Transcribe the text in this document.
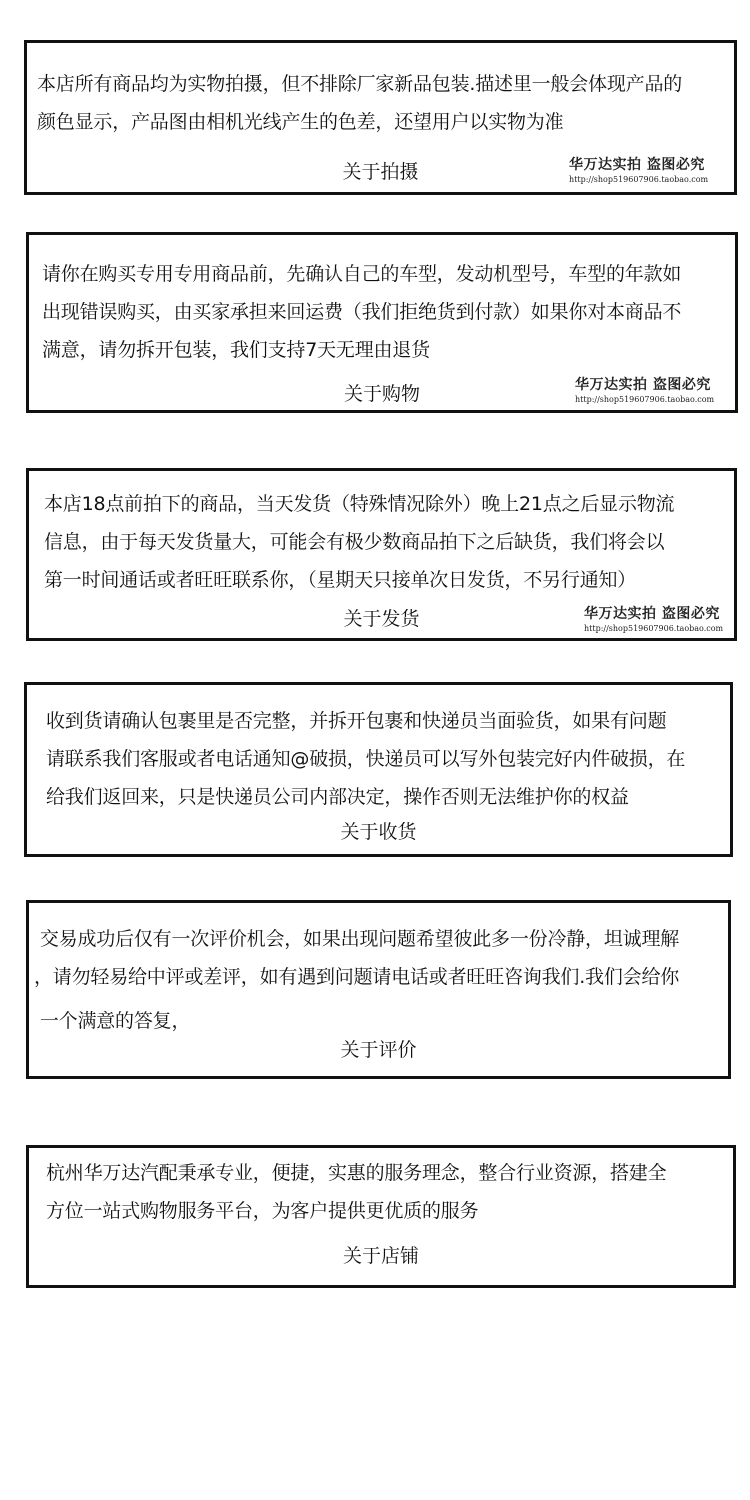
本店所有商品均为实物拍摄，但不排除厂家新品包装.描述里一般会体现产品的
颜色显示，产品图由相机光线产生的色差，还望用户以实物为准
关于拍摄	华万达实拍 盗图必究
http://shop519607906.taobao.com
请你在购买专用专用商品前，先确认自己的车型，发动机型号，车型的年款如
出现错误购买，由买家承担来回运费（我们拒绝货到付款）如果你对本商品不
满意，请勿拆开包装，我们支持7天无理由退货
关于购物	华万达实拍 盗图必究
http://shop519607906.taobao.com
本店18点前拍下的商品，当天发货（特殊情况除外）晚上21点之后显示物流
信息，由于每天发货量大，可能会有极少数商品拍下之后缺货，我们将会以
第一时间通话或者旺旺联系你，（星期天只接单次日发货，不另行通知）
关于发货	华万达实拍 盗图必究
http://shop519607906.taobao.com
收到货请确认包裹里是否完整，并拆开包裹和快递员当面验货，如果有问题
请联系我们客服或者电话通知@破损，快递员可以写外包装完好内件破损，在
给我们返回来，只是快递员公司内部决定，操作否则无法维护你的权益
关于收货
交易成功后仅有一次评价机会，如果出现问题希望彼此多一份冷静，坦诚理解
，请勿轻易给中评或差评，如有遇到问题请电话或者旺旺咨询我们.我们会给你
一个满意的答复，
关于评价
杭州华万达汽配秉承专业，便捷，实惠的服务理念，整合行业资源，搭建全
方位一站式购物服务平台，为客户提供更优质的服务
关于店铺
